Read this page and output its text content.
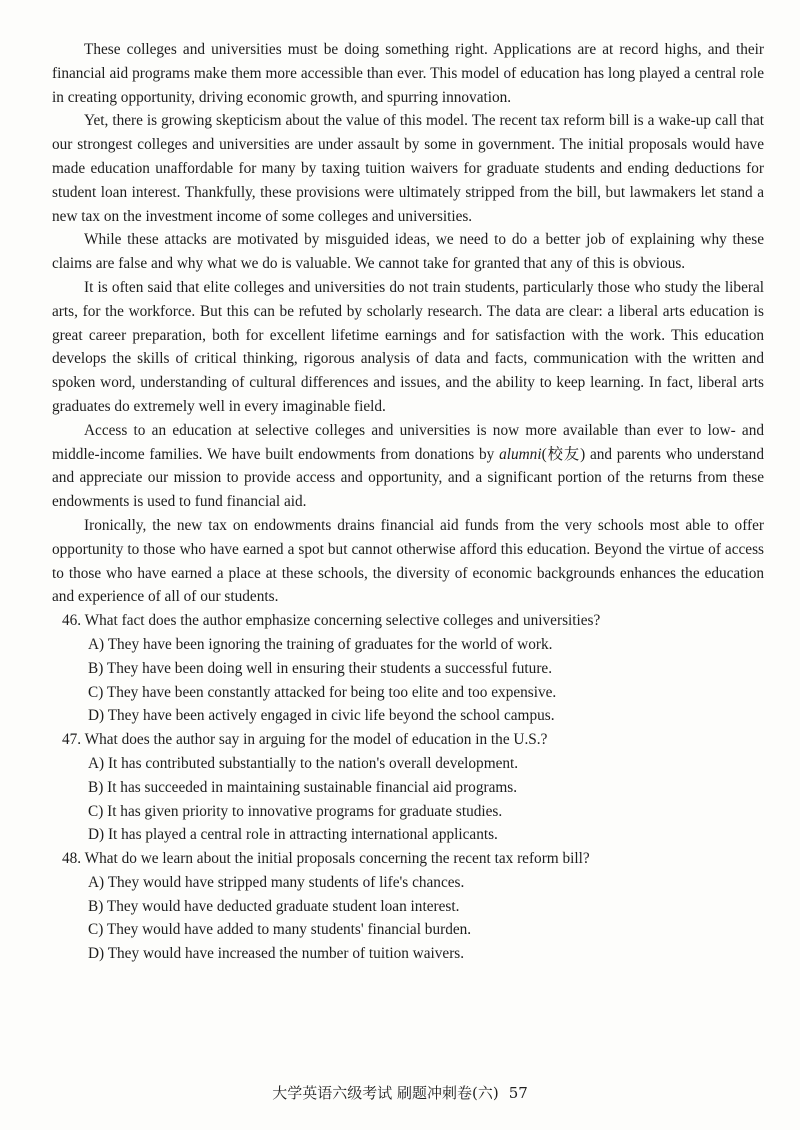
These colleges and universities must be doing something right. Applications are at record highs, and their financial aid programs make them more accessible than ever. This model of education has long played a central role in creating opportunity, driving economic growth, and spurring innovation.

Yet, there is growing skepticism about the value of this model. The recent tax reform bill is a wake-up call that our strongest colleges and universities are under assault by some in government. The initial proposals would have made education unaffordable for many by taxing tuition waivers for graduate students and ending deductions for student loan interest. Thankfully, these provisions were ultimately stripped from the bill, but lawmakers let stand a new tax on the investment income of some colleges and universities.

While these attacks are motivated by misguided ideas, we need to do a better job of explaining why these claims are false and why what we do is valuable. We cannot take for granted that any of this is obvious.

It is often said that elite colleges and universities do not train students, particularly those who study the liberal arts, for the workforce. But this can be refuted by scholarly research. The data are clear: a liberal arts education is great career preparation, both for excellent lifetime earnings and for satisfaction with the work. This education develops the skills of critical thinking, rigorous analysis of data and facts, communication with the written and spoken word, understanding of cultural differences and issues, and the ability to keep learning. In fact, liberal arts graduates do extremely well in every imaginable field.

Access to an education at selective colleges and universities is now more available than ever to low- and middle-income families. We have built endowments from donations by alumni(校友) and parents who understand and appreciate our mission to provide access and opportunity, and a significant portion of the returns from these endowments is used to fund financial aid.

Ironically, the new tax on endowments drains financial aid funds from the very schools most able to offer opportunity to those who have earned a spot but cannot otherwise afford this education. Beyond the virtue of access to those who have earned a place at these schools, the diversity of economic backgrounds enhances the education and experience of all of our students.

46. What fact does the author emphasize concerning selective colleges and universities?

A) They have been ignoring the training of graduates for the world of work.

B) They have been doing well in ensuring their students a successful future.

C) They have been constantly attacked for being too elite and too expensive.

D) They have been actively engaged in civic life beyond the school campus.

47. What does the author say in arguing for the model of education in the U.S.?

A) It has contributed substantially to the nation's overall development.

B) It has succeeded in maintaining sustainable financial aid programs.

C) It has given priority to innovative programs for graduate studies.

D) It has played a central role in attracting international applicants.

48. What do we learn about the initial proposals concerning the recent tax reform bill?

A) They would have stripped many students of life's chances.

B) They would have deducted graduate student loan interest.

C) They would have added to many students' financial burden.

D) They would have increased the number of tuition waivers.

大学英语六级考试 刷题冲刺卷(六) 57
